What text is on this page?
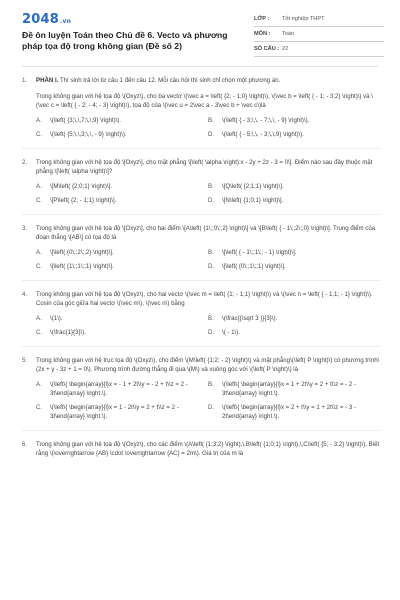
2048.vn
Đề ôn luyện Toán theo Chủ đề 6. Vecto và phương pháp tọa độ trong không gian (Đề số 2)
LỚP : Tốt nghiệp THPT
MÔN : Toán
SỐ CÂU : 22
1. PHẦN I. Thí sinh trả lời từ câu 1 đến câu 12. Mỗi câu hỏi thí sinh chỉ chọn một phương án.
Trong không gian với hệ tọa độ \(Oxyz\), cho ba vectơ \(\vec a = \left( {2; - 1;0} \right)\), \(\vec b = \left( { - 1; - 3;2} \right)\) và \(\vec c = \left( { - 2; - 4; - 3} \right)\), tọa độ của \(\vec u = 2\vec a - 3\vec b + \vec c\)là
A.	\(\left( {3;\,\,7;\,\,9} \right)\).	B.	\(\left( { - 3;\,\, - 7;\,\, - 9} \right)\).
C.	\(\left( {5;\,\,3;\,\, - 9} \right)\).	D.	\(\left( { - 5;\,\, - 3;\,\,9} \right)\).
2. Trong không gian với hệ tọa độ \[Oxyz\], cho mặt phẳng \[\left( \alpha \right):x - 2y + 2z - 3 = 0\]. Điểm nào sau đây thuộc mặt phẳng \[\left( \alpha \right)\]?
A.	\[M\left( {2;0;1} \right)\].	B.	\[Q\left( {2;1;1} \right)\].
C.	\[P\left( {2; - 1;1} \right)\].	D.	\[N\left( {1;0;1} \right)\].
3. Trong không gian với hệ tọa độ \[Oxyz\], cho hai điểm \[A\left( {1\;;0\;;2} \right)\] và \[B\left( { - 1\;;2\;;0} \right)\]. Trung điểm của đoạn thẳng \[AB\] có tọa độ là
A.	\[\left( {0\;;2\;;2} \right)\].	B.	\[\left( { - 1\;;1\;; - 1} \right)\].
C.	\[\left( {1\;;1\;;1} \right)\].	D.	\[\left( {0\;;1\;;1} \right)\].
4. Trong không gian với hệ tọa độ \(Oxyz\), cho hai vectơ \(\vec m = \left( {1; - 1;1} \right)\) và \(\vec n = \left( { - 1;1; - 1} \right)\). Cosin của góc giữa hai vectơ \(\vec m\), \(\vec n\) bằng
A.	\(1\).	B.	\(\frac{{\sqrt 3 }}{3}\).
C.	\(\frac{1}{3}\).	D.	\( - 1\).
5. Trong không gian với hệ trục tọa độ \(Oxyz\), cho điểm \(M\left( {1;2; - 2} \right)\) và mặt phẳng\(\left( P \right)\) có phương trình\(2x + y - 3z + 1 = 0\). Phương trình đường thẳng đi qua \(M\) và vuông góc với \(\left( P \right)\) là
A.	\(\left\{ \begin{array}{l}x = - 1 + 2t\\y = - 2 + t\\z = 2 - 3t\end{array} \right.\).
B.	\(\left\{ \begin{array}{l}x = 1 + 2t\\y = 2 + t\\z = - 2 - 3t\end{array} \right.\).
C.	\(\left\{ \begin{array}{l}x = 1 - 2t\\y = 2 + t\\z = 2 - 3t\end{array} \right.\).
D.	\(\left\{ \begin{array}{l}x = 2 + t\\y = 1 + 2t\\z = - 3 - 2t\end{array} \right.\).
6. Trong không gian với hệ tọa độ \(Oxyz\), cho các điểm \(A\left( {1;3;2} \right),\,B\left( {1;0;1} \right),\,C\left( {5; - 3;2} \right)\). Biết rằng \(\overrightarrow {AB} \cdot \overrightarrow {AC} = 2m\). Giá trị của m là
